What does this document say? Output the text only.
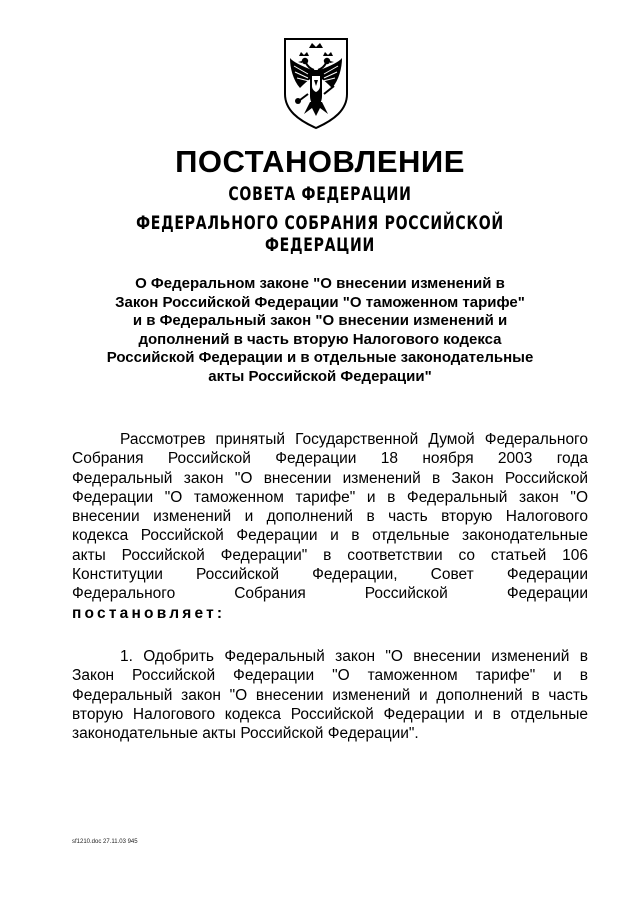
ПОСТАНОВЛЕНИЕ
СОВЕТА ФЕДЕРАЦИИ
ФЕДЕРАЛЬНОГО СОБРАНИЯ РОССИЙСКОЙ ФЕДЕРАЦИИ
О Федеральном законе "О внесении изменений в
Закон Российской Федерации "О таможенном тарифе"
и в Федеральный закон "О внесении изменений и
дополнений в часть вторую Налогового кодекса
Российской Федерации и в отдельные законодательные
акты Российской Федерации"
Рассмотрев принятый Государственной Думой Федерального
Собрания Российской Федерации 18 ноября 2003 года
Федеральный закон "О внесении изменений в Закон Российской
Федерации "О таможенном тарифе" и в Федеральный закон "О
внесении изменений и дополнений в часть вторую Налогового
кодекса Российской Федерации и в отдельные законодательные
акты Российской Федерации" в соответствии со статьей 106
Конституции Российской Федерации, Совет Федерации
Федерального Собрания Российской Федерации
постановляет:
1. Одобрить Федеральный закон "О внесении изменений в
Закон Российской Федерации "О таможенном тарифе" и в
Федеральный закон "О внесении изменений и дополнений в часть
вторую Налогового кодекса Российской Федерации и в отдельные
законодательные акты Российской Федерации".
sf1210.doc 27.11.03 945
